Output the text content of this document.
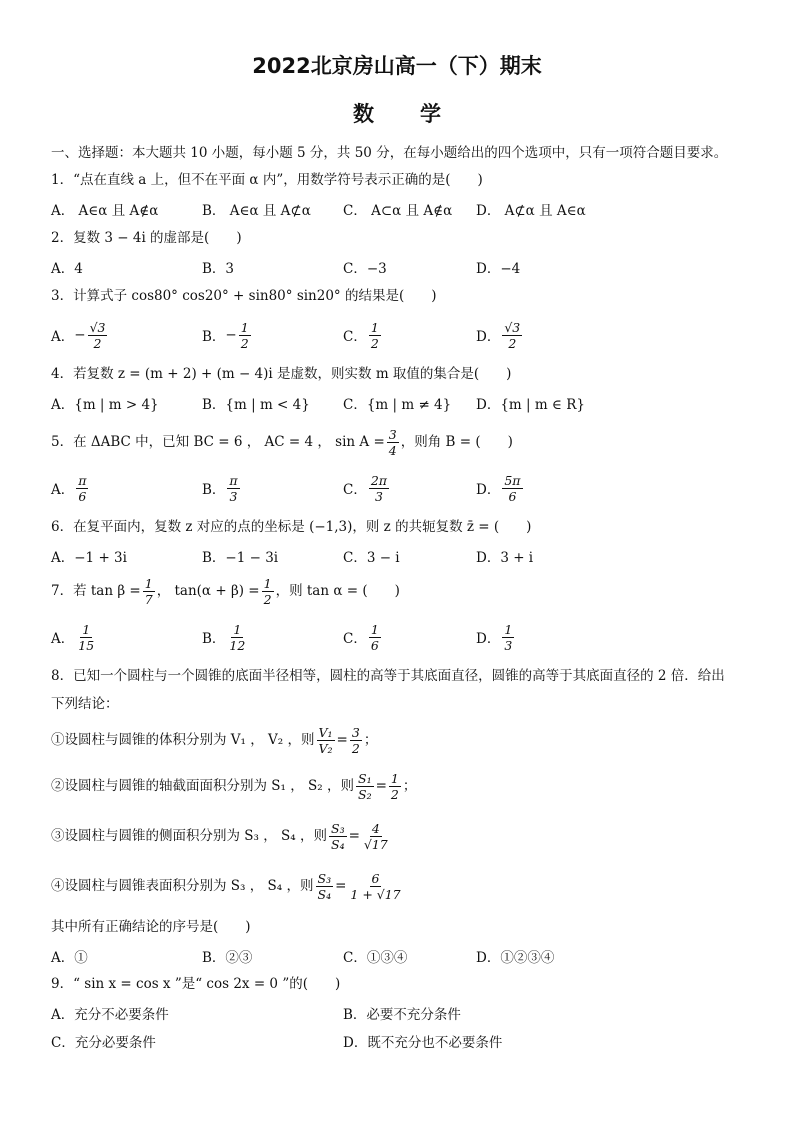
2022北京房山高一（下）期末
数 学
一、选择题：本大题共 10 小题，每小题 5 分，共 50 分，在每小题给出的四个选项中，只有一项符合题目要求。
1．“点在直线 a 上，但不在平面 α 内”，用数学符号表示正确的是(　　)
A． A∈α 且 A∉α	B． A∈α 且 A⊄α C． A⊂α 且 A∉α D． A⊄α 且 A∈α
2．复数 3 − 4i 的虚部是(　　)
A．4	B．3	C．−3	D．−4
3．计算式子 cos80° cos20° + sin80° sin20° 的结果是(　　)
A． − $\frac{√3}{2}$	B． − $\frac{1}{2}$	C． $\frac{1}{2}$	D． $\frac{√3}{2}$
4．若复数 z = (m + 2) + (m − 4)i 是虚数，则实数 m 取值的集合是(　　)
A．{m | m > 4}	B．{m | m < 4} C．{m | m ≠ 4} D．{m | m ∈ R}
5．在 ΔABC 中，已知 BC = 6 ， AC = 4 ， $\sin A = \frac{3}{4}$ ，则角 B = (　　)
A． $\frac{\pi}{6}$	B． $\frac{\pi}{3}$	C． $\frac{2\pi}{3}$	D． $\frac{5\pi}{6}$
6．在复平面内，复数 z 对应的点的坐标是 (−1,3)，则 z 的共轭复数 z̄ = (　　)
A．−1 + 3i	B．−1 − 3i	C．3 − i	D．3 + i
7．若 $\tan \beta = \frac{1}{7}$ ， $\tan(\alpha + \beta) = \frac{1}{2}$ ，则 tan α = (　　)
A． $\frac{1}{15}$	B． $\frac{1}{12}$	C． $\frac{1}{6}$	D． $\frac{1}{3}$
8．已知一个圆柱与一个圆锥的底面半径相等，圆柱的高等于其底面直径，圆锥的高等于其底面直径的 2 倍．给出
下列结论：
①设圆柱与圆锥的体积分别为 V₁ ， V₂ ，则 $\frac{\text{V₁}}{\text{V₂}} = \frac{3}{2}$ ；
②设圆柱与圆锥的轴截面面积分别为 S₁ ， S₂ ，则 $\frac{\text{S₁}}{\text{S₂}} = \frac{1}{2}$ ；
③设圆柱与圆锥的侧面积分别为 S₃ ， S₄ ，则 $\frac{\text{S₃}}{\text{S₄}} = \frac{4}{√17}$
④设圆柱与圆锥表面积分别为 S₃ ， S₄ ，则 $\frac{\text{S₃}}{\text{S₄}} = \frac{6}{1 + √17}$
其中所有正确结论的序号是(　　)
A．①	B．②③	C．①③④	D．①②③④
9．“ sin x = cos x ”是“ cos 2x = 0 ”的(　　)
A．充分不必要条件	B．必要不充分条件
C．充分必要条件	D．既不充分也不必要条件
